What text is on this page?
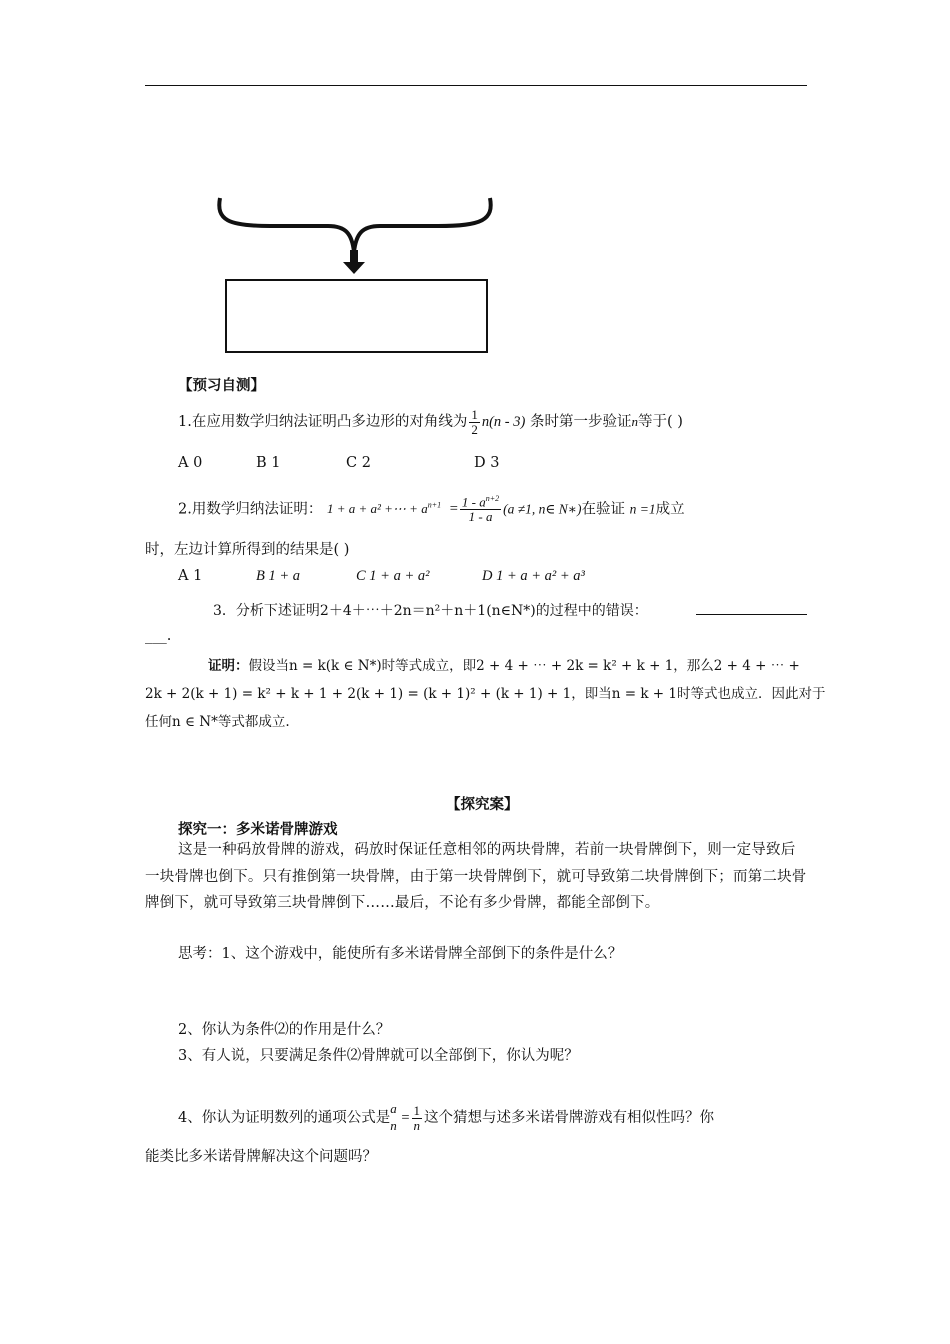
【预习自测】
1.在应用数学归纳法证明凸多边形的对角线为 $\frac{1}{2} n(n - 3)$ 条时第一步验证n等于( )
A 0	B 1	C 2	D 3
2.用数学归纳法证明： 1 + a + a² +⋯ + $a^{n+1} = \frac{1 - a^{n+2}}{1 - a} (a \ne 1$, n∈ N∗)在验证 n =1成立
时，左边计算所得到的结果是( )
A 1	B 1 + a	C 1 + a + a²	D 1 + a + a² + a³
3．分析下述证明2＋4＋⋯＋2n＝n²＋n＋1(n∈N*)的过程中的错误：
___.
证明：假设当n = k(k ∈ N*)时等式成立，即2 + 4 + ⋯ + 2k = k² + k + 1，那么2 + 4 + ⋯ +
2k + 2(k + 1) = k² + k + 1 + 2(k + 1) = (k + 1)² + (k + 1) + 1，即当n = k + 1时等式也成立．因此对于
任何n ∈ N*等式都成立.
【探究案】
探究一：多米诺骨牌游戏
这是一种码放骨牌的游戏，码放时保证任意相邻的两块骨牌，若前一块骨牌倒下，则一定导致后一块骨牌也倒下。只有推倒第一块骨牌，由于第一块骨牌倒下，就可导致第二块骨牌倒下；而第二块骨牌倒下，就可导致第三块骨牌倒下……最后，不论有多少骨牌，都能全部倒下。
思考：1、这个游戏中，能使所有多米诺骨牌全部倒下的条件是什么？
2、你认为条件⑵的作用是什么？
3、有人说，只要满足条件⑵骨牌就可以全部倒下，你认为呢？
4、你认为证明数列的通项公式是
a
$n = \frac{1}{n}$ 这个猜想与述多米诺骨牌游戏有相似性吗？你
能类比多米诺骨牌解决这个问题吗？
